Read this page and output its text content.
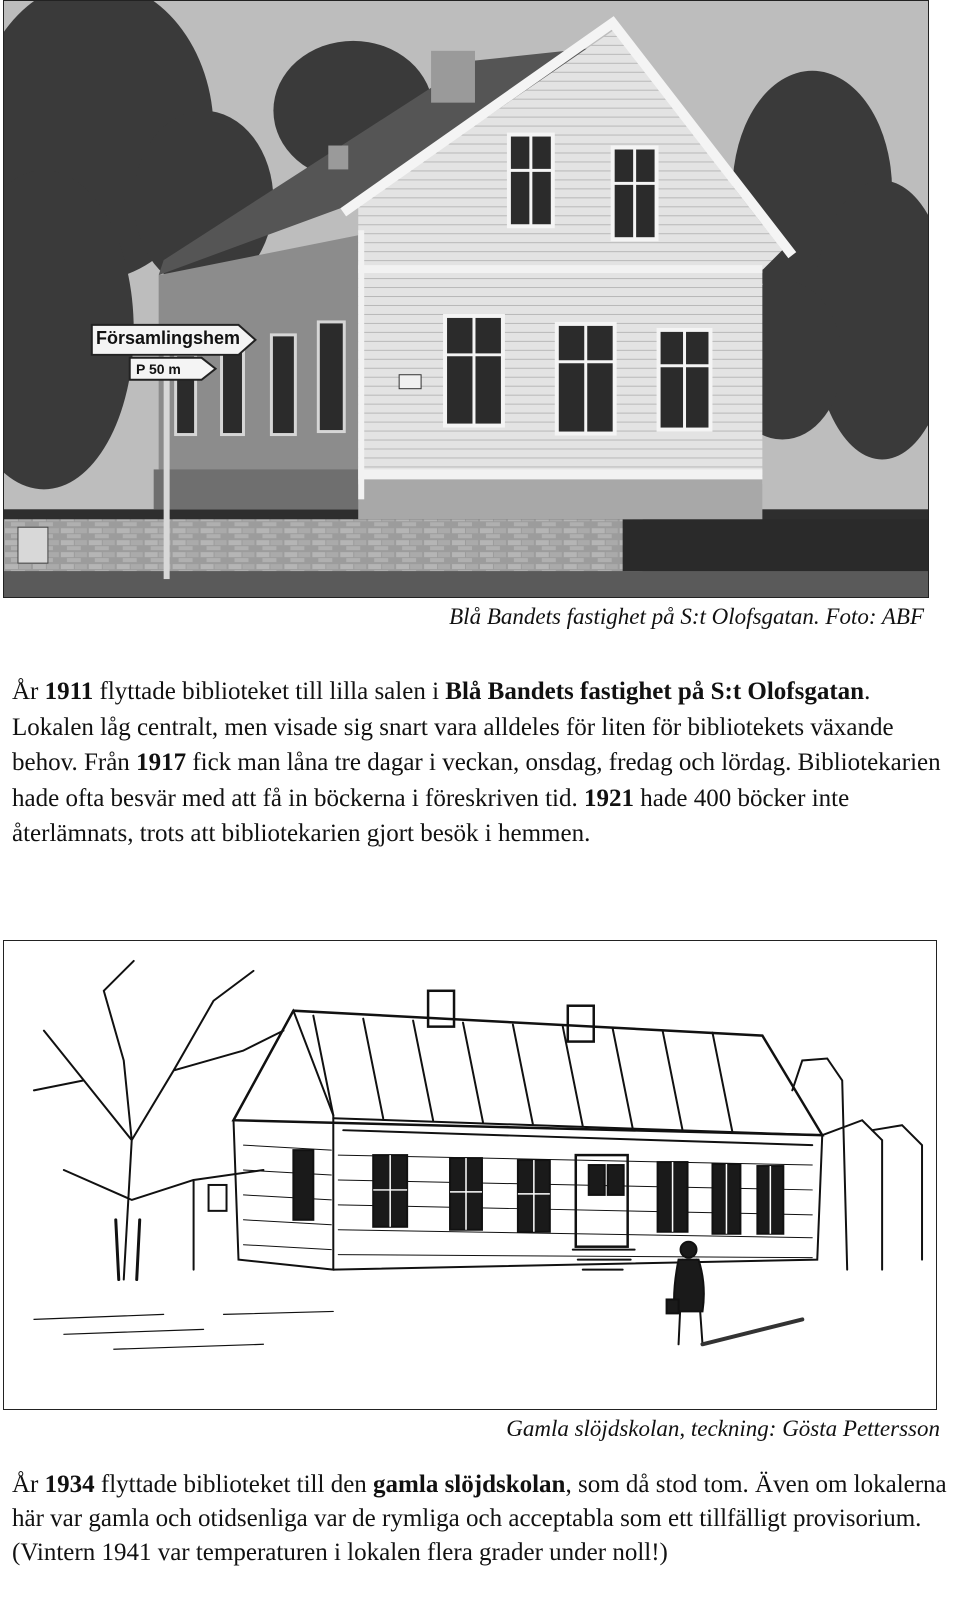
Församlingshem
P 50 m
Blå Bandets fastighet på S:t Olofsgatan. Foto: ABF
År 1911 flyttade biblioteket till lilla salen i Blå Bandets fastighet på S:t Olofsgatan. Lokalen låg centralt, men visade sig snart vara alldeles för liten för bibliotekets växande behov. Från 1917 fick man låna tre dagar i veckan, onsdag, fredag och lördag. Bibliotekarien hade ofta besvär med att få in böckerna i föreskriven tid. 1921 hade 400 böcker inte återlämnats, trots att bibliotekarien gjort besök i hemmen.
Gamla slöjdskolan, teckning: Gösta Pettersson
År 1934 flyttade biblioteket till den gamla slöjdskolan, som då stod tom. Även om lokalerna här var gamla och otidsenliga var de rymliga och acceptabla som ett tillfälligt provisorium. (Vintern 1941 var temperaturen i lokalen flera grader under noll!)
